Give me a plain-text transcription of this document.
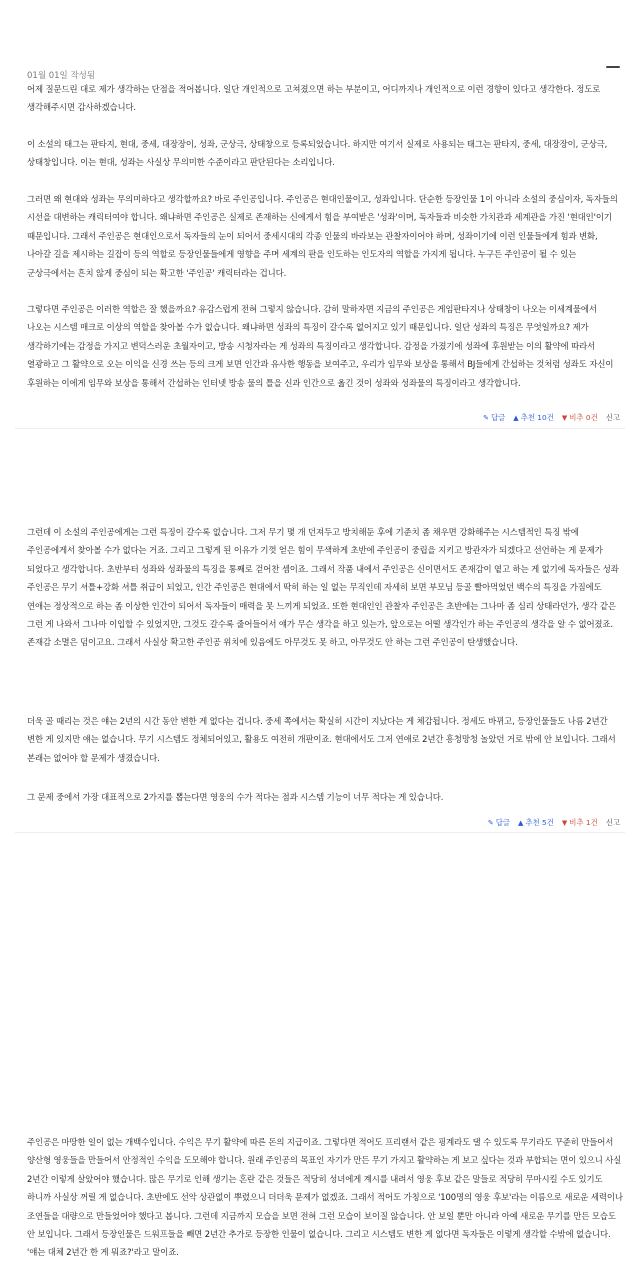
01월 01일 작성됨

어제 질문드린 대로 제가 생각하는 단점을 적어봅니다. 일단 개인적으로 고쳐졌으면 하는 부분이고, 어디까지나 개인적으로 이런 경향이 있다고 생각한다. 정도로 생각해주시면 감사하겠습니다.

이 소설의 태그는 판타지, 현대, 중세, 대장장이, 성좌, 군상극, 상태창으로 등록되었습니다. 하지만 여기서 실제로 사용되는 태그는 판타지, 중세, 대장장이, 군상극, 상태창입니다. 이는 현대, 성좌는 사실상 무의미한 수준이라고 판단된다는 소리입니다.

그러면 왜 현대와 성좌는 무의미하다고 생각할까요? 바로 주인공입니다. 주인공은 현대인물이고, 성좌입니다. 단순한 등장인물 1이 아니라 소설의 중심이자, 독자들의 시선을 대변하는 캐릭터여야 합니다. 왜냐하면 주인공은 실제로 존재하는 신에게서 힘을 부여받은 '성좌'이며, 독자들과 비슷한 가치관과 세계관을 가진 '현대인'이기 때문입니다. 그래서 주인공은 현대인으로서 독자들의 눈이 되어서 중세시대의 각종 인물의 바라보는 관찰자이어야 하며, 성좌이기에 이런 인물들에게 힘과 변화, 나아갈 길을 제시하는 길잡이 등의 역할로 등장인물들에게 영향을 주며 세계의 판을 인도하는 인도자의 역할을 가지게 됩니다. 누구든 주인공이 될 수 있는 군상극에서는 흔치 않게 중심이 되는 확고한 '주인공' 캐릭터라는 겁니다.

그렇다면 주인공은 이러한 역할은 잘 했을까요? 유감스럽게 전혀 그렇지 않습니다. 감히 말하자면 지금의 주인공은 게임판타지나 상태창이 나오는 이세계물에서 나오는 시스템 매크로 이상의 역할을 찾아볼 수가 없습니다. 왜냐하면 성좌의 특징이 갈수록 없어지고 있기 때문입니다. 일단 성좌의 특징은 무엇일까요? 제가 생각하기에는 감정을 가지고 변덕스러운 초월자이고, 방송 시청자라는 게 성좌의 특징이라고 생각합니다. 감정을 가졌기에 성좌에 후원받는 이의 활약에 따라서 열광하고 그 활약으로 오는 이익을 신경 쓰는 등의 크게 보면 인간과 유사한 행동을 보여주고, 우리가 임무와 보상을 통해서 BJ들에게 간섭하는 것처럼 성좌도 자신이 후원하는 이에게 임무와 보상을 통해서 간섭하는 인터넷 방송 물의 틀을 신과 인간으로 옮긴 것이 성좌와 성좌물의 특징이라고 생각합니다.

✎ 답글 ▲ 추천 10건 ▼ 비추 0건 신고

그런데 이 소설의 주인공에게는 그런 특징이 갈수록 없습니다. 그저 무기 몇 개 던져두고 방치해둔 후에 기준치 좀 채우면 강화해주는 시스템적인 특징 밖에 주인공에게서 찾아볼 수가 없다는 거죠. 그리고 그렇게 된 이유가 기껏 얻은 힘이 무색하게 초반에 주인공이 중립을 지키고 방관자가 되겠다고 선언하는 게 문제가 되었다고 생각합니다. 초반부터 성좌와 성좌물의 특징을 통째로 걷어찬 셈이죠. 그래서 작품 내에서 주인공은 신이면서도 존재감이 옅고 하는 게 없기에 독자들은 성좌 주인공은 무기 셔틀+강화 셔틀 취급이 되었고, 인간 주인공은 현대에서 딱히 하는 일 없는 무직인데 자세히 보면 부모님 등골 빨아먹었던 백수의 특징을 가짐에도 연애는 정상적으로 하는 좀 이상한 인간이 되어서 독자들이 매력을 못 느끼게 되었죠. 또한 현대인인 관찰자 주인공은 초반에는 그나마 좀 심리 상태라던가, 생각 같은 그런 게 나와서 그나마 이입할 수 있었지만, 그것도 갈수록 줄어들어서 얘가 무슨 생각을 하고 있는가, 앞으로는 어떨 생각인가 하는 주인공의 생각을 알 수 없어졌죠. 존재감 소멸은 덤이고요. 그래서 사실상 확고한 주인공 위치에 있음에도 아무것도 못 하고, 아무것도 안 하는 그런 주인공이 탄생했습니다.

더욱 골 때리는 것은 얘는 2년의 시간 동안 변한 게 없다는 겁니다. 중세 쪽에서는 확실히 시간이 지났다는 게 체감됩니다. 정세도 바뀌고, 등장인물들도 나름 2년간 변한 게 있지만 얘는 없습니다. 무기 시스템도 정체되어있고, 활용도 여전히 개판이죠. 현대에서도 그저 연애로 2년간 흥청망청 놀았던 거로 밖에 안 보입니다. 그래서 본래는 없어야 할 문제가 생겼습니다.

그 문제 중에서 가장 대표적으로 2가지를 뽑는다면 영웅의 수가 적다는 점과 시스템 기능이 너무 적다는 게 있습니다.

✎ 답글 ▲ 추천 5건 ▼ 비추 1건 신고

주인공은 마땅한 일이 없는 개백수입니다. 수익은 무기 활약에 따른 돈의 지급이죠. 그렇다면 적어도 프리랜서 같은 핑계라도 댈 수 있도록 무기라도 꾸준히 만들어서 양산형 영웅들을 만들어서 안정적인 수익을 도모해야 합니다. 원래 주인공의 목표인 자기가 만든 무기 가지고 활약하는 게 보고 싶다는 것과 부합되는 면이 있으니 사실 2년간 이렇게 살았어야 했습니다. 많은 무기로 인해 생기는 혼란 같은 것들은 적당히 성녀에게 계시를 내려서 영웅 후보 같은 말들로 적당히 무마시킬 수도 있기도 하니까 사실상 꺼릴 게 없습니다. 초반에도 선악 상관없이 뿌렸으니 더더욱 문제가 없겠죠. 그래서 적어도 가칭으로 '100명의 영웅 후보'라는 이름으로 새로운 세력이나 조연들을 대량으로 만들었어야 했다고 봅니다. 그런데 지금까지 모습을 보면 전혀 그런 모습이 보이질 않습니다. 안 보일 뿐만 아니라 아예 새로운 무기를 만든 모습도 안 보입니다. 그래서 등장인물은 드워프들을 빼면 2년간 추가로 등장한 인물이 없습니다. 그리고 시스템도 변한 게 없다면 독자들은 이렇게 생각할 수밖에 없습니다. '얘는 대체 2년간 한 게 뭐죠?'라고 말이죠.
